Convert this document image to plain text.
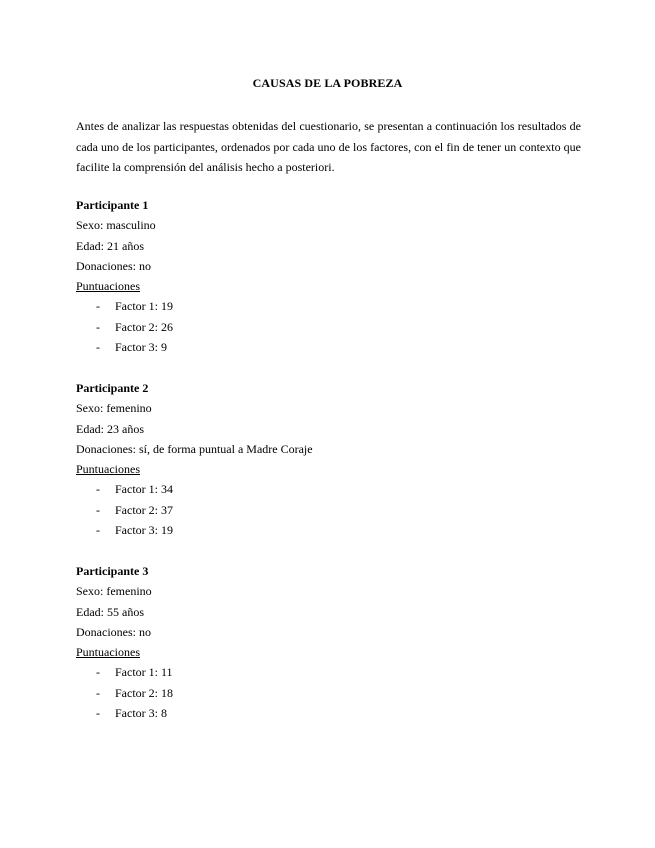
CAUSAS DE LA POBREZA
Antes de analizar las respuestas obtenidas del cuestionario, se presentan a continuación los resultados de cada uno de los participantes, ordenados por cada uno de los factores, con el fin de tener un contexto que facilite la comprensión del análisis hecho a posteriori.
Participante 1
Sexo: masculino
Edad: 21 años
Donaciones: no
Puntuaciones
- Factor 1: 19
- Factor 2: 26
- Factor 3: 9
Participante 2
Sexo: femenino
Edad: 23 años
Donaciones: sí, de forma puntual a Madre Coraje
Puntuaciones
- Factor 1: 34
- Factor 2: 37
- Factor 3: 19
Participante 3
Sexo: femenino
Edad: 55 años
Donaciones: no
Puntuaciones
- Factor 1: 11
- Factor 2: 18
- Factor 3: 8
